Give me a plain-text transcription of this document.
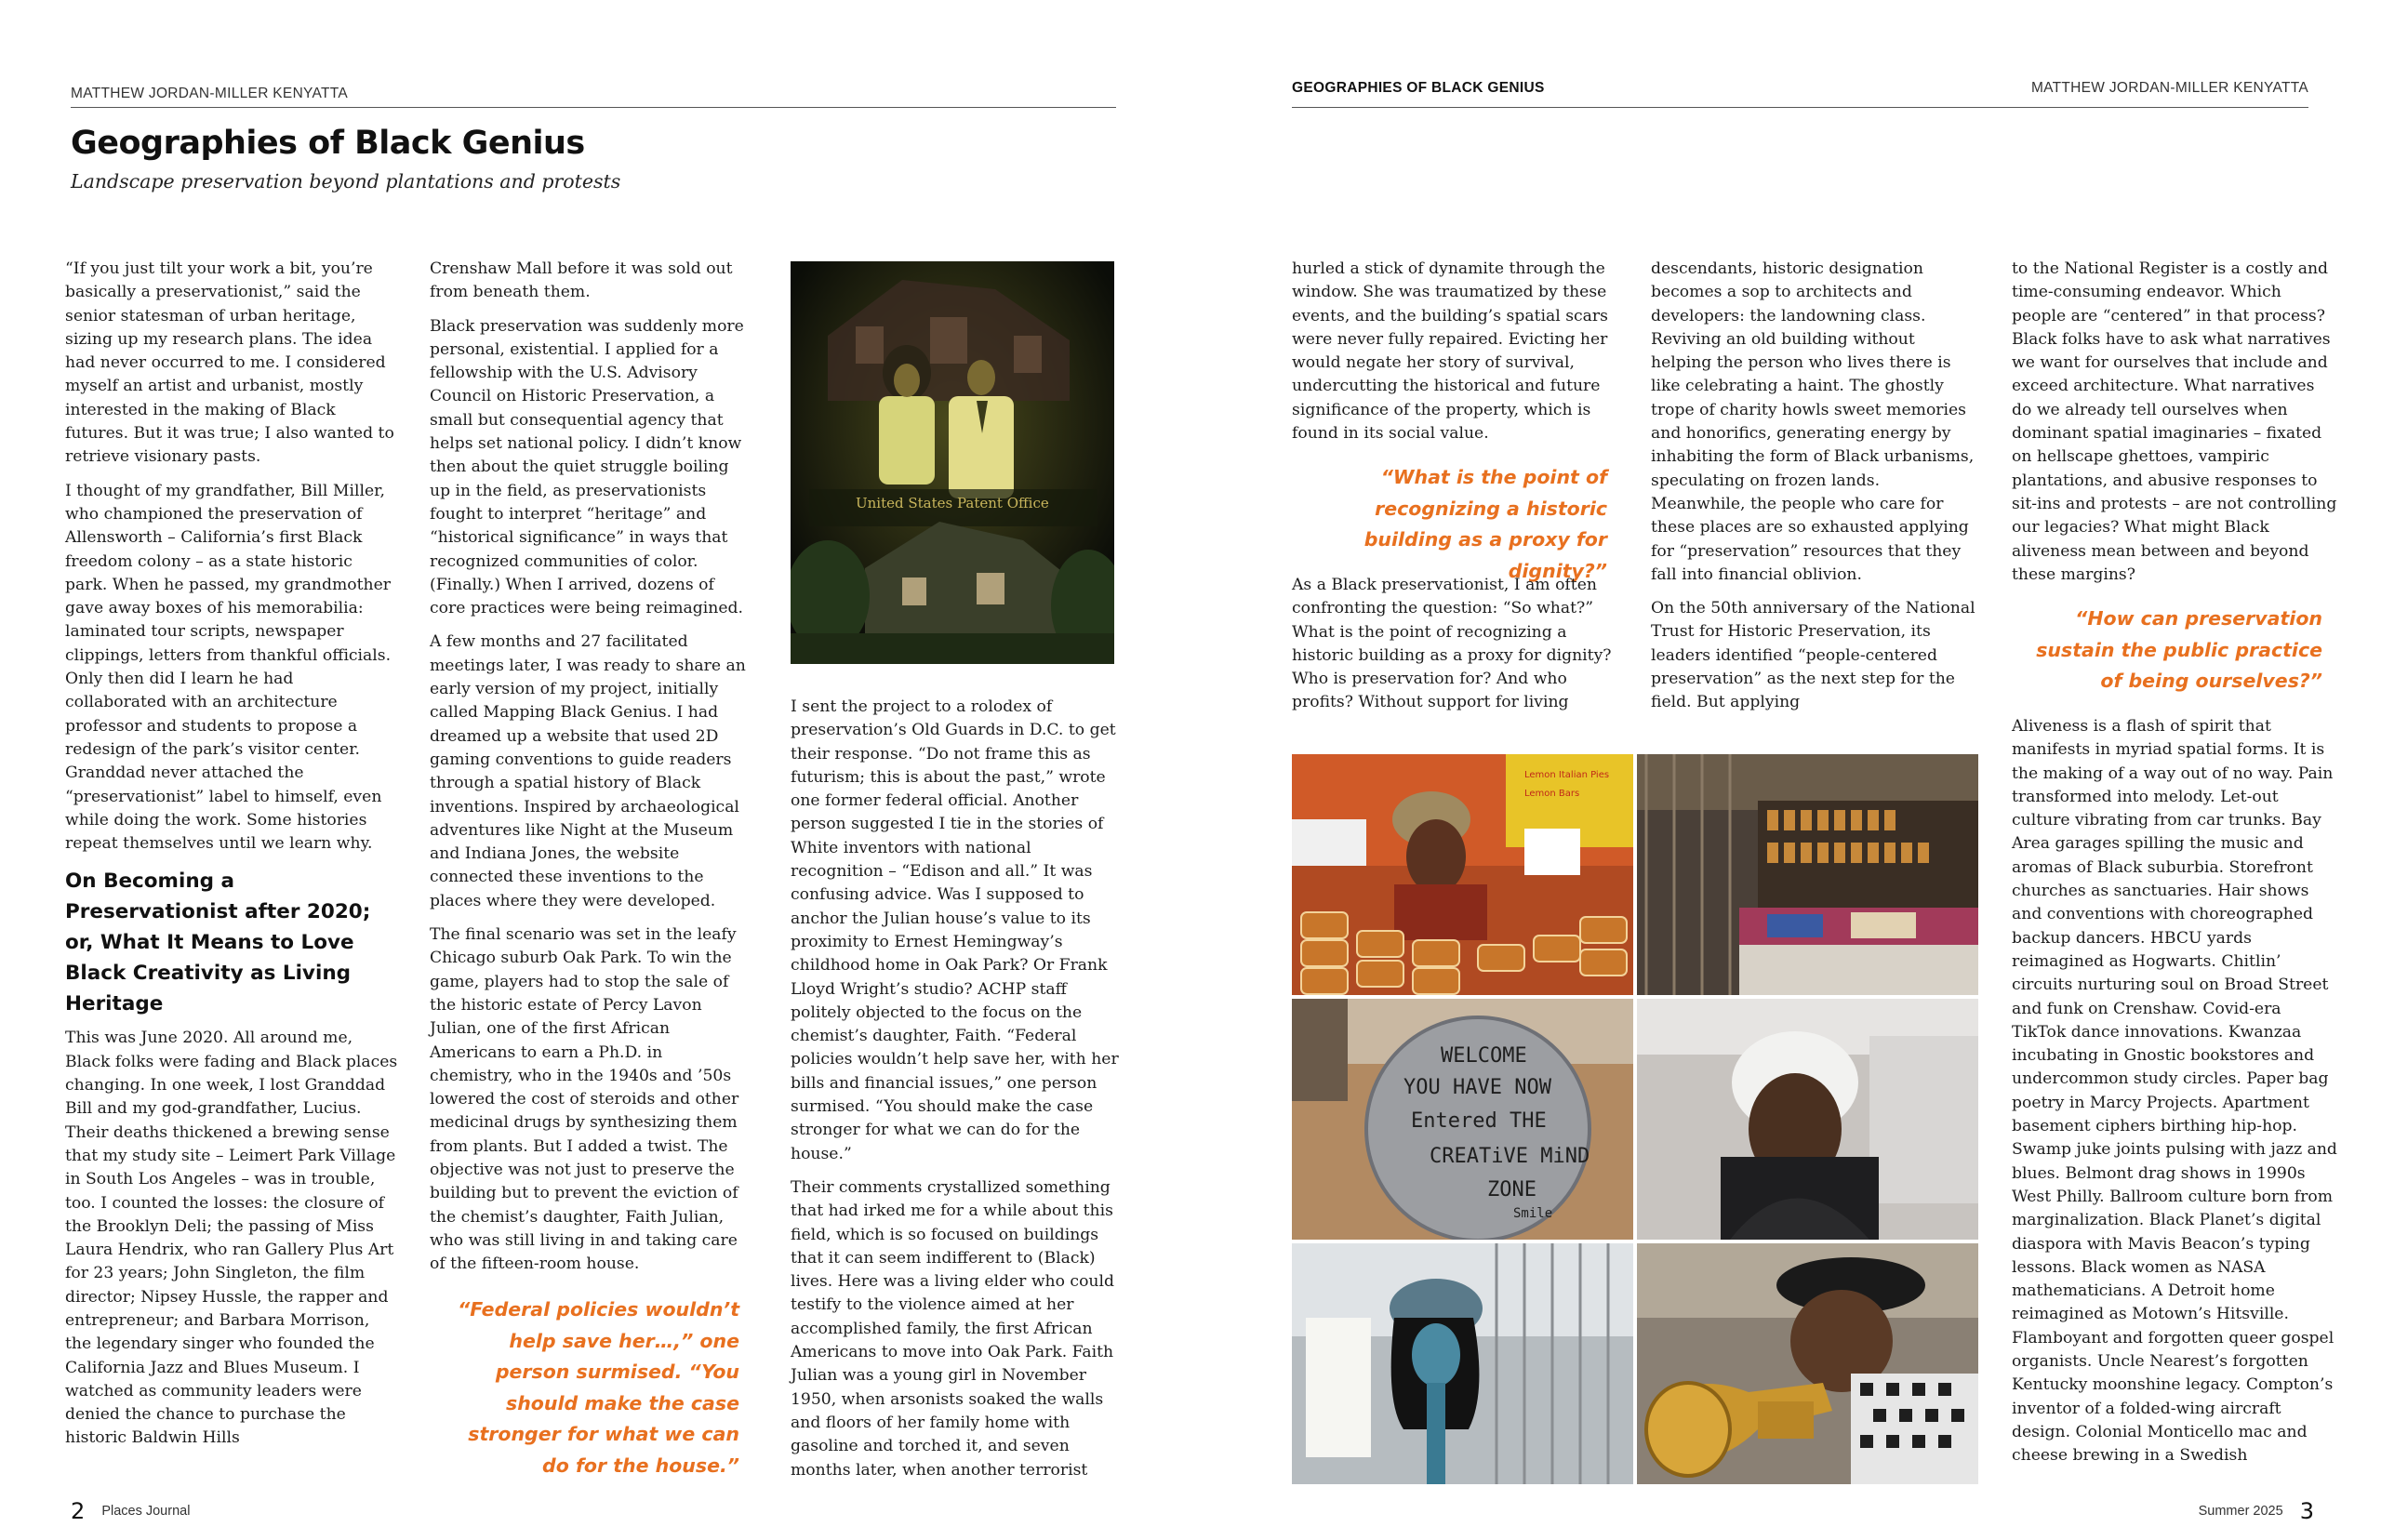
MATTHEW JORDAN-MILLER KENYATTA
Geographies of Black Genius
Landscape preservation beyond plantations and protests

“If you just tilt your work a bit, you’re basically a preservationist,” said the senior statesman of urban heritage, sizing up my research plans. The idea had never occurred to me. I considered myself an artist and urbanist, mostly interested in the making of Black futures. But it was true; I also wanted to retrieve visionary pasts.

I thought of my grandfather, Bill Miller, who championed the preservation of Allensworth – California’s first Black freedom colony – as a state historic park. When he passed, my grandmother gave away boxes of his memorabilia: laminated tour scripts, newspaper clippings, letters from thankful officials. Only then did I learn he had collaborated with an architecture professor and students to propose a redesign of the park’s visitor center. Granddad never attached the “preservationist” label to himself, even while doing the work. Some histories repeat themselves until we learn why.

On Becoming a Preservationist after 2020; or, What It Means to Love Black Creativity as Living Heritage

This was June 2020. All around me, Black folks were fading and Black places changing. In one week, I lost Granddad Bill and my god-grandfather, Lucius. Their deaths thickened a brewing sense that my study site – Leimert Park Village in South Los Angeles – was in trouble, too. I counted the losses: the closure of the Brooklyn Deli; the passing of Miss Laura Hendrix, who ran Gallery Plus Art for 23 years; John Singleton, the film director; Nipsey Hussle, the rapper and entrepreneur; and Barbara Morrison, the legendary singer who founded the California Jazz and Blues Museum. I watched as community leaders were denied the chance to purchase the historic Baldwin Hills

Crenshaw Mall before it was sold out from beneath them.

Black preservation was suddenly more personal, existential. I applied for a fellowship with the U.S. Advisory Council on Historic Preservation, a small but consequential agency that helps set national policy. I didn’t know then about the quiet struggle boiling up in the field, as preservationists fought to interpret “heritage” and “historical significance” in ways that recognized communities of color. (Finally.) When I arrived, dozens of core practices were being reimagined.

A few months and 27 facilitated meetings later, I was ready to share an early version of my project, initially called Mapping Black Genius. I had dreamed up a website that used 2D gaming conventions to guide readers through a spatial history of Black inventions. Inspired by archaeological adventures like Night at the Museum and Indiana Jones, the website connected these inventions to the places where they were developed.

The final scenario was set in the leafy Chicago suburb Oak Park. To win the game, players had to stop the sale of the historic estate of Percy Lavon Julian, one of the first African Americans to earn a Ph.D. in chemistry, who in the 1940s and ’50s lowered the cost of steroids and other medicinal drugs by synthesizing them from plants. But I added a twist. The objective was not just to preserve the building but to prevent the eviction of the chemist’s daughter, Faith Julian, who was still living in and taking care of the fifteen-room house.

“Federal policies wouldn’t help save her…,” one person surmised. “You should make the case stronger for what we can do for the house.”
United States Patent Office

I sent the project to a rolodex of preservation’s Old Guards in D.C. to get their response. “Do not frame this as futurism; this is about the past,” wrote one former federal official. Another person suggested I tie in the stories of White inventors with national recognition – “Edison and all.” It was confusing advice. Was I supposed to anchor the Julian house’s value to its proximity to Ernest Hemingway’s childhood home in Oak Park? Or Frank Lloyd Wright’s studio? ACHP staff politely objected to the focus on the chemist’s daughter, Faith. “Federal policies wouldn’t help save her, with her bills and financial issues,” one person surmised. “You should make the case stronger for what we can do for the house.”

Their comments crystallized something that had irked me for a while about this field, which is so focused on buildings that it can seem indifferent to (Black) lives. Here was a living elder who could testify to the violence aimed at her accomplished family, the first African Americans to move into Oak Park. Faith Julian was a young girl in November 1950, when arsonists soaked the walls and floors of her family home with gasoline and torched it, and seven months later, when another terrorist

2 Places Journal
GEOGRAPHIES OF BLACK GENIUS	MATTHEW JORDAN-MILLER KENYATTA

hurled a stick of dynamite through the window. She was traumatized by these events, and the building’s spatial scars were never fully repaired. Evicting her would negate her story of survival, undercutting the historical and future significance of the property, which is found in its social value.

“What is the point of recognizing a historic building as a proxy for dignity?”

As a Black preservationist, I am often confronting the question: “So what?” What is the point of recognizing a historic building as a proxy for dignity? Who is preservation for? And who profits? Without support for living

descendants, historic designation becomes a sop to architects and developers: the landowning class. Reviving an old building without helping the person who lives there is like celebrating a haint. The ghostly trope of charity howls sweet memories and honorifics, generating energy by inhabiting the form of Black urbanisms, speculating on frozen lands. Meanwhile, the people who care for these places are so exhausted applying for “preservation” resources that they fall into financial oblivion.

On the 50th anniversary of the National Trust for Historic Preservation, its leaders identified “people-centered preservation” as the next step for the field. But applying

to the National Register is a costly and time-consuming endeavor. Which people are “centered” in that process? Black folks have to ask what narratives we want for ourselves that include and exceed architecture. What narratives do we already tell ourselves when dominant spatial imaginaries – fixated on hellscape ghettoes, vampiric plantations, and abusive responses to sit-ins and protests – are not controlling our legacies? What might Black aliveness mean between and beyond these margins?

“How can preservation sustain the public practice of being ourselves?”

Aliveness is a flash of spirit that manifests in myriad spatial forms. It is the making of a way out of no way. Pain transformed into melody. Let-out culture vibrating from car trunks. Bay Area garages spilling the music and aromas of Black suburbia. Storefront churches as sanctuaries. Hair shows and conventions with choreographed backup dancers. HBCU yards reimagined as Hogwarts. Chitlin’ circuits nurturing soul on Broad Street and funk on Crenshaw. Covid-era TikTok dance innovations. Kwanzaa incubating in Gnostic bookstores and undercommon study circles. Paper bag poetry in Marcy Projects. Apartment basement ciphers birthing hip-hop. Swamp juke joints pulsing with jazz and blues. Belmont drag shows in 1990s West Philly. Ballroom culture born from marginalization. Black Planet’s digital diaspora with Mavis Beacon’s typing lessons. Black women as NASA mathematicians. A Detroit home reimagined as Motown’s Hitsville. Flamboyant and forgotten queer gospel organists. Uncle Nearest’s forgotten Kentucky moonshine legacy. Compton’s inventor of a folded-wing aircraft design. Colonial Monticello mac and cheese brewing in a Swedish

Lemon Italian Pies
Lemon Bars
WELCOME
YOU HAVE NOW
Entered THE
CREATiVE MiND
ZONE
Smile
Summer 2025 3
